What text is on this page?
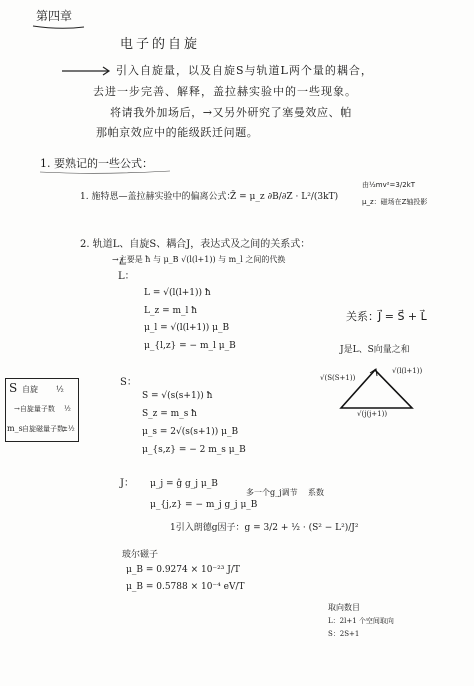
第四章
电子的自旋
引入自旋量，以及自旋S与轨道L两个量的耦合，
去进一步完善、解释，盖拉赫实验中的一些现象。
将请我外加场后，→又另外研究了塞曼效应、帕
那帕京效应中的能级跃迁问题。
1. 要熟记的一些公式：
1. 施特恩—盖拉赫实验中的偏离公式：
Z̄ = μ_z ∂B/∂Z · L²/(3kT)
由½mv²=3/2kT
μ_z：磁场在Z轴投影
2. 轨道L、自旋S、耦合J，表达式及之间的关系式：
→主要是 ħ 与 μ_B √(l(l+1)) 与 m_l 之间的代换
L：
L = √(l(l+1)) ħ
L_z = m_l ħ
μ_l = √(l(l+1)) μ_B
μ_{l,z} = − m_l μ_B
关系： J⃗ = S⃗ + L⃗
J是L、S向量之和
√(S(S+1))
√(l(l+1))
√(j(j+1))
S 自旋 ½
→自旋量子数 ½
m_s 自旋磁量子数
±½
S：
S = √(s(s+1)) ħ
S_z = m_s ħ
μ_s = 2√(s(s+1)) μ_B
μ_{s,z} = − 2 m_s μ_B
J： μ_j = ĝ g_j μ_B
μ_{j,z} = − m_j g_j μ_B
多一个g_j调节 系数
1引入朗德g因子：g = 3/2 + ½ · (S² − L²)/J²
玻尔磁子
μ_B = 0.9274 × 10⁻²³ J/T
μ_B = 0.5788 × 10⁻⁴ eV/T
取向数目
L：2l+1 个空间取向
S：2S+1
